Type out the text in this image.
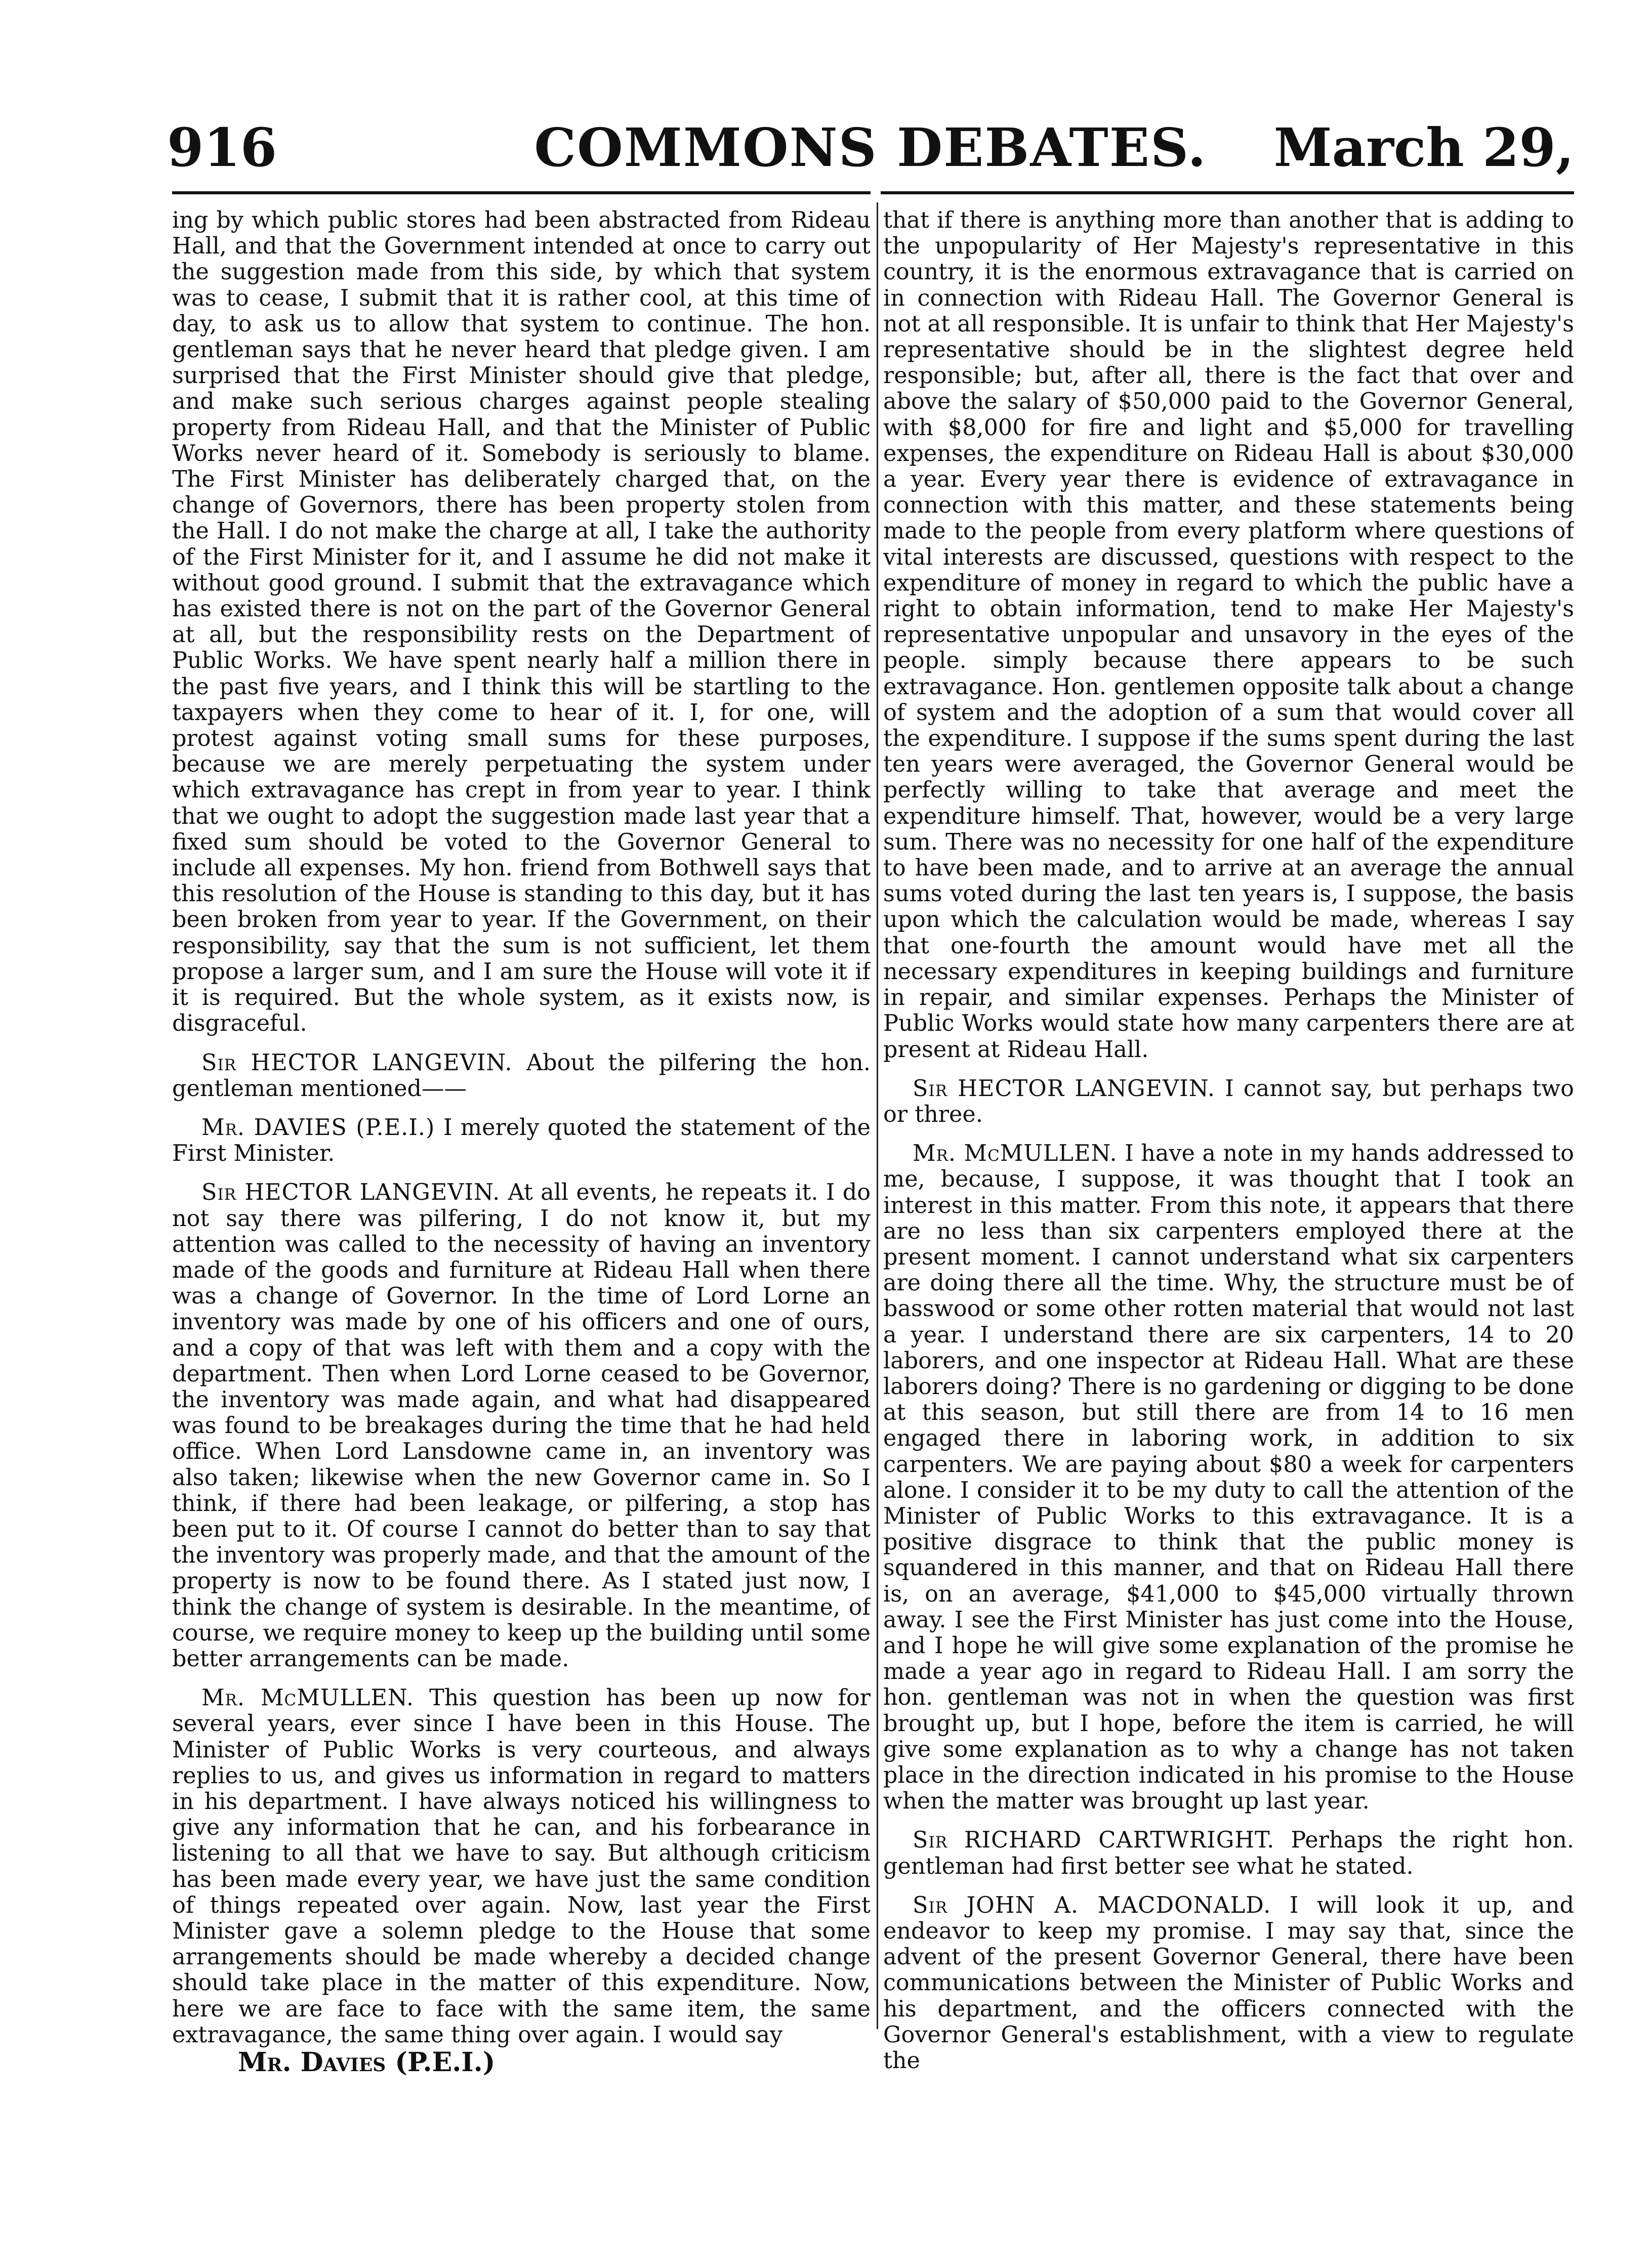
916	COMMONS DEBATES.	March 29,

ing by which public stores had been abstracted from Rideau Hall, and that the Government intended at once to carry out the suggestion made from this side, by which that system was to cease, I submit that it is rather cool, at this time of day, to ask us to allow that system to continue. The hon. gentleman says that he never heard that pledge given. I am surprised that the First Minister should give that pledge, and make such serious charges against people stealing property from Rideau Hall, and that the Minister of Public Works never heard of it. Somebody is seriously to blame. The First Minister has deliberately charged that, on the change of Governors, there has been property stolen from the Hall. I do not make the charge at all, I take the authority of the First Minister for it, and I assume he did not make it without good ground. I submit that the extravagance which has existed there is not on the part of the Governor General at all, but the responsibility rests on the Department of Public Works. We have spent nearly half a million there in the past five years, and I think this will be startling to the taxpayers when they come to hear of it. I, for one, will protest against voting small sums for these purposes, because we are merely perpetuating the system under which extravagance has crept in from year to year. I think that we ought to adopt the suggestion made last year that a fixed sum should be voted to the Governor General to include all expenses. My hon. friend from Bothwell says that this resolution of the House is standing to this day, but it has been broken from year to year. If the Government, on their responsibility, say that the sum is not sufficient, let them propose a larger sum, and I am sure the House will vote it if it is required. But the whole system, as it exists now, is disgraceful.

Sir HECTOR LANGEVIN. About the pilfering the hon. gentleman mentioned——

Mr. DAVIES (P.E.I.) I merely quoted the statement of the First Minister.

Sir HECTOR LANGEVIN. At all events, he repeats it. I do not say there was pilfering, I do not know it, but my attention was called to the necessity of having an inventory made of the goods and furniture at Rideau Hall when there was a change of Governor. In the time of Lord Lorne an inventory was made by one of his officers and one of ours, and a copy of that was left with them and a copy with the department. Then when Lord Lorne ceased to be Governor, the inventory was made again, and what had disappeared was found to be breakages during the time that he had held office. When Lord Lansdowne came in, an inventory was also taken; likewise when the new Governor came in. So I think, if there had been leakage, or pilfering, a stop has been put to it. Of course I cannot do better than to say that the inventory was properly made, and that the amount of the property is now to be found there. As I stated just now, I think the change of system is desirable. In the meantime, of course, we require money to keep up the building until some better arrangements can be made.

Mr. McMULLEN. This question has been up now for several years, ever since I have been in this House. The Minister of Public Works is very courteous, and always replies to us, and gives us information in regard to matters in his department. I have always noticed his willingness to give any information that he can, and his forbearance in listening to all that we have to say. But although criticism has been made every year, we have just the same condition of things repeated over again. Now, last year the First Minister gave a solemn pledge to the House that some arrangements should be made whereby a decided change should take place in the matter of this expenditure. Now, here we are face to face with the same item, the same extravagance, the same thing over again. I would say

that if there is anything more than another that is adding to the unpopularity of Her Majesty's representative in this country, it is the enormous extravagance that is carried on in connection with Rideau Hall. The Governor General is not at all responsible. It is unfair to think that Her Majesty's representative should be in the slightest degree held responsible; but, after all, there is the fact that over and above the salary of $50,000 paid to the Governor General, with $8,000 for fire and light and $5,000 for travelling expenses, the expenditure on Rideau Hall is about $30,000 a year. Every year there is evidence of extravagance in connection with this matter, and these statements being made to the people from every platform where questions of vital interests are discussed, questions with respect to the expenditure of money in regard to which the public have a right to obtain information, tend to make Her Majesty's representative unpopular and unsavory in the eyes of the people. simply because there appears to be such extravagance. Hon. gentlemen opposite talk about a change of system and the adoption of a sum that would cover all the expenditure. I suppose if the sums spent during the last ten years were averaged, the Governor General would be perfectly willing to take that average and meet the expenditure himself. That, however, would be a very large sum. There was no necessity for one half of the expenditure to have been made, and to arrive at an average the annual sums voted during the last ten years is, I suppose, the basis upon which the calculation would be made, whereas I say that one-fourth the amount would have met all the necessary expenditures in keeping buildings and furniture in repair, and similar expenses. Perhaps the Minister of Public Works would state how many carpenters there are at present at Rideau Hall.

Sir HECTOR LANGEVIN. I cannot say, but perhaps two or three.

Mr. McMULLEN. I have a note in my hands addressed to me, because, I suppose, it was thought that I took an interest in this matter. From this note, it appears that there are no less than six carpenters employed there at the present moment. I cannot understand what six carpenters are doing there all the time. Why, the structure must be of basswood or some other rotten material that would not last a year. I understand there are six carpenters, 14 to 20 laborers, and one inspector at Rideau Hall. What are these laborers doing? There is no gardening or digging to be done at this season, but still there are from 14 to 16 men engaged there in laboring work, in addition to six carpenters. We are paying about $80 a week for carpenters alone. I consider it to be my duty to call the attention of the Minister of Public Works to this extravagance. It is a positive disgrace to think that the public money is squandered in this manner, and that on Rideau Hall there is, on an average, $41,000 to $45,000 virtually thrown away. I see the First Minister has just come into the House, and I hope he will give some explanation of the promise he made a year ago in regard to Rideau Hall. I am sorry the hon. gentleman was not in when the question was first brought up, but I hope, before the item is carried, he will give some explanation as to why a change has not taken place in the direction indicated in his promise to the House when the matter was brought up last year.

Sir RICHARD CARTWRIGHT. Perhaps the right hon. gentleman had first better see what he stated.

Sir JOHN A. MACDONALD. I will look it up, and endeavor to keep my promise. I may say that, since the advent of the present Governor General, there have been communications between the Minister of Public Works and his department, and the officers connected with the Governor General's establishment, with a view to regulate the

Mr. Davies (P.E.I.)
